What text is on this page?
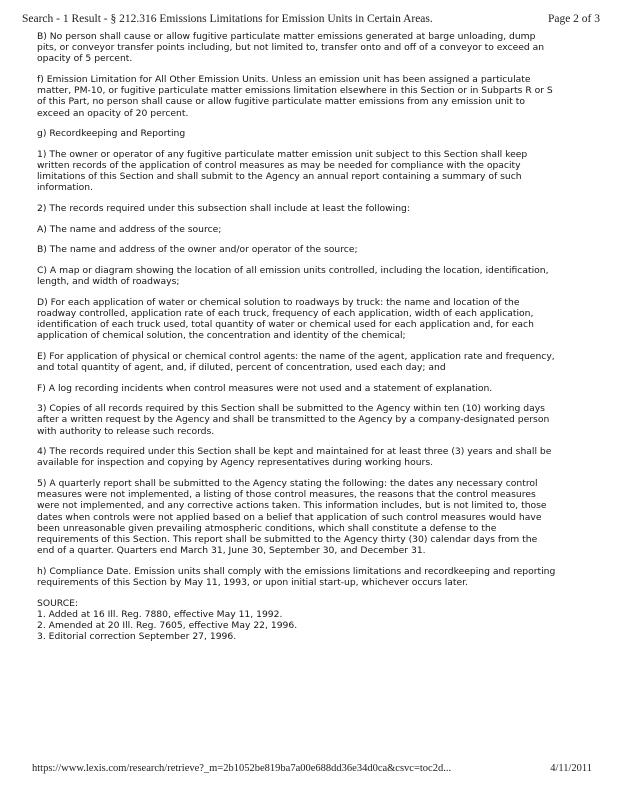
Search - 1 Result - § 212.316 Emissions Limitations for Emission Units in Certain Areas.	Page 2 of 3

B) No person shall cause or allow fugitive particulate matter emissions generated at barge unloading, dump pits, or conveyor transfer points including, but not limited to, transfer onto and off of a conveyor to exceed an opacity of 5 percent.

f) Emission Limitation for All Other Emission Units. Unless an emission unit has been assigned a particulate matter, PM-10, or fugitive particulate matter emissions limitation elsewhere in this Section or in Subparts R or S of this Part, no person shall cause or allow fugitive particulate matter emissions from any emission unit to exceed an opacity of 20 percent.

g) Recordkeeping and Reporting

1) The owner or operator of any fugitive particulate matter emission unit subject to this Section shall keep written records of the application of control measures as may be needed for compliance with the opacity limitations of this Section and shall submit to the Agency an annual report containing a summary of such information.

2) The records required under this subsection shall include at least the following:

A) The name and address of the source;

B) The name and address of the owner and/or operator of the source;

C) A map or diagram showing the location of all emission units controlled, including the location, identification, length, and width of roadways;

D) For each application of water or chemical solution to roadways by truck: the name and location of the roadway controlled, application rate of each truck, frequency of each application, width of each application, identification of each truck used, total quantity of water or chemical used for each application and, for each application of chemical solution, the concentration and identity of the chemical;

E) For application of physical or chemical control agents: the name of the agent, application rate and frequency, and total quantity of agent, and, if diluted, percent of concentration, used each day; and

F) A log recording incidents when control measures were not used and a statement of explanation.

3) Copies of all records required by this Section shall be submitted to the Agency within ten (10) working days after a written request by the Agency and shall be transmitted to the Agency by a company-designated person with authority to release such records.

4) The records required under this Section shall be kept and maintained for at least three (3) years and shall be available for inspection and copying by Agency representatives during working hours.

5) A quarterly report shall be submitted to the Agency stating the following: the dates any necessary control measures were not implemented, a listing of those control measures, the reasons that the control measures were not implemented, and any corrective actions taken. This information includes, but is not limited to, those dates when controls were not applied based on a belief that application of such control measures would have been unreasonable given prevailing atmospheric conditions, which shall constitute a defense to the requirements of this Section. This report shall be submitted to the Agency thirty (30) calendar days from the end of a quarter. Quarters end March 31, June 30, September 30, and December 31.

h) Compliance Date. Emission units shall comply with the emissions limitations and recordkeeping and reporting requirements of this Section by May 11, 1993, or upon initial start-up, whichever occurs later.

SOURCE:
1. Added at 16 Ill. Reg. 7880, effective May 11, 1992.
2. Amended at 20 Ill. Reg. 7605, effective May 22, 1996.
3. Editorial correction September 27, 1996.
https://www.lexis.com/research/retrieve?_m=2b1052be819ba7a00e688dd36e34d0ca&csvc=toc2d...	4/11/2011
